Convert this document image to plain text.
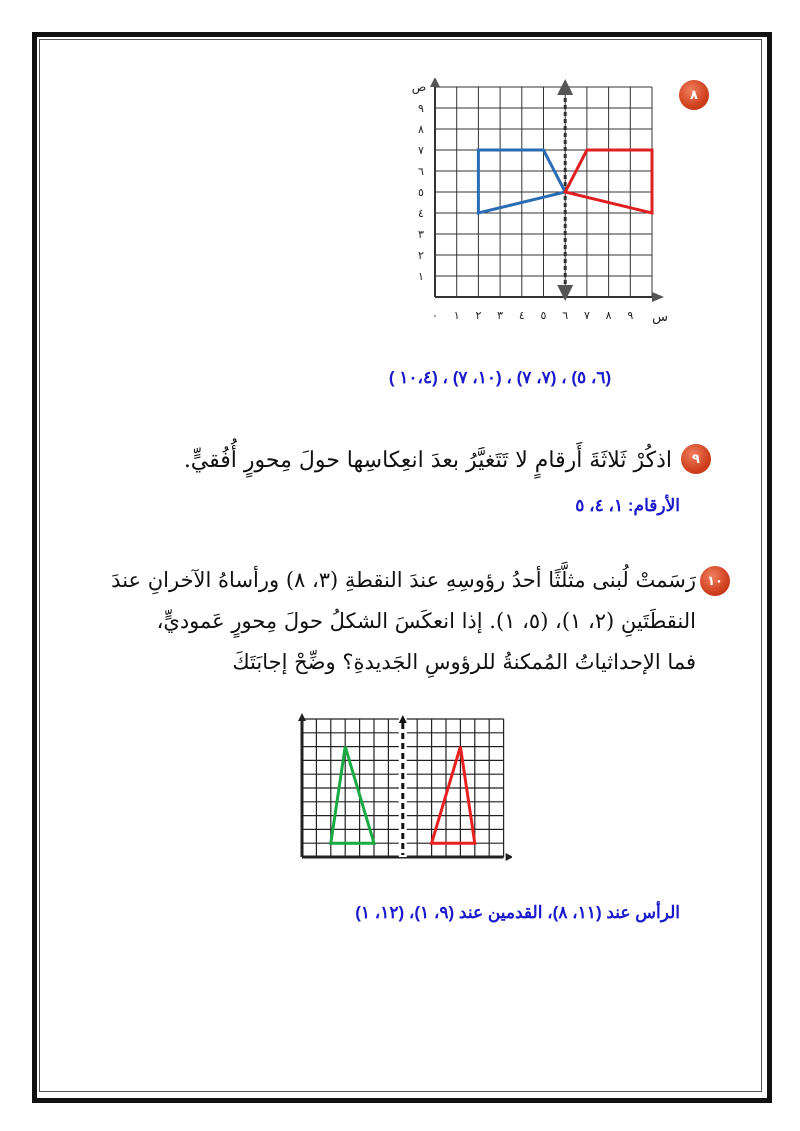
٨
٠ ١ ٢ ٣ ٤ ٥ ٦ ٧ ٨ ٩
١
٢
٣
٤
٥
٦
٧
٨
٩
س
ص
(٦، ٥) ، (٧، ٧) ، (١٠، ٧) ، (١٠،٤ )
٩
اذكُرْ ثَلاثَةَ أَرقامٍ لا تَتَغيَّرُ بعدَ انعِكاسِها حولَ مِحورٍ أُفُقيٍّ.
الأرقام: ١، ٤، ٥
١٠
رَسَمتْ لُبنى مثلَّثًا أحدُ رؤوسِهِ عندَ النقطةِ (٣، ٨) ورأساهُ الآخرانِ عندَ
النقطَتَينِ (٢، ١)، (٥، ١). إذا انعكَسَ الشكلُ حولَ مِحورٍ عَموديٍّ،
فما الإحداثياتُ المُمكنةُ للرؤوسِ الجَديدةِ؟ وضِّحْ إجابَتَكَ
الرأس عند (١١، ٨)، القدمين عند (٩، ١)، (١٢، ١)
